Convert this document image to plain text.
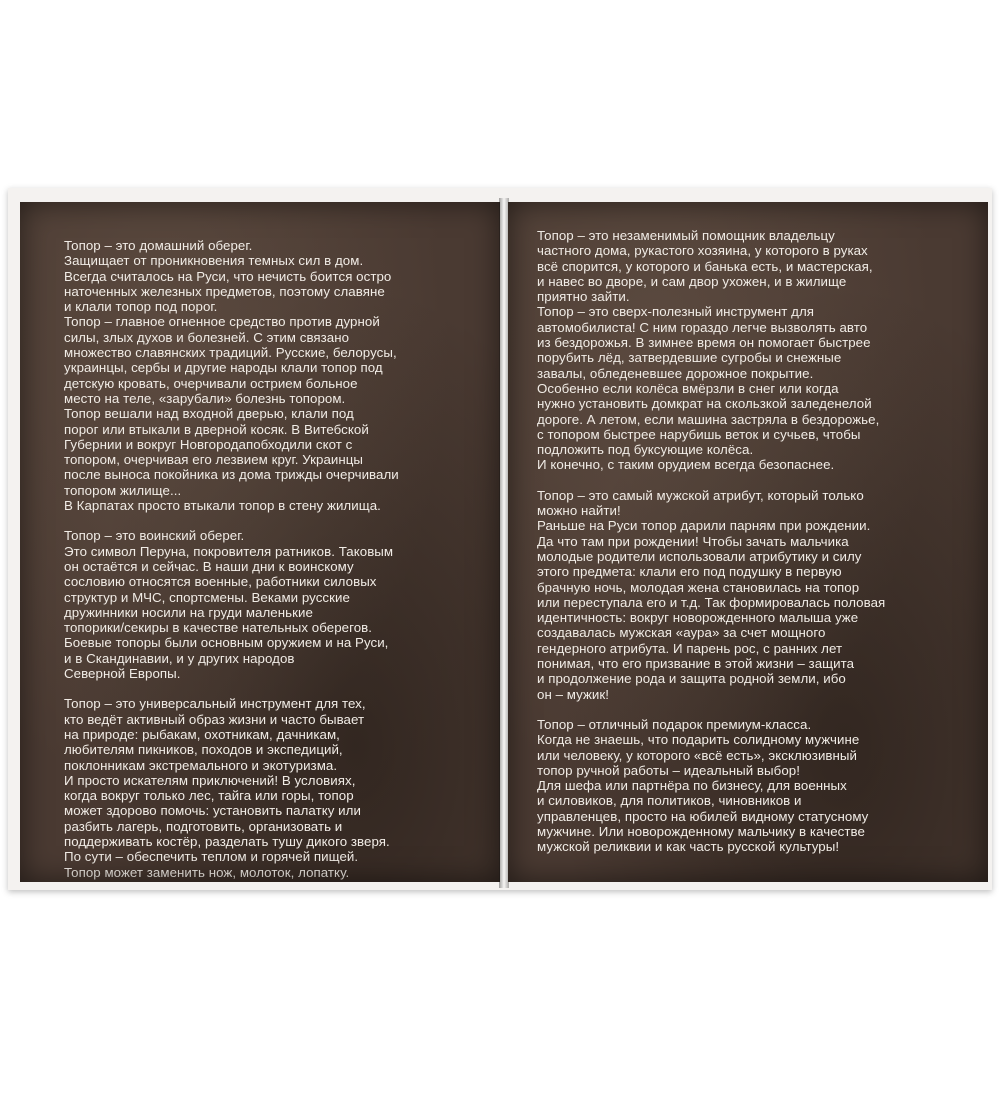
Топор – это домашний оберег.
Защищает от проникновения темных сил в дом.
Всегда считалось на Руси, что нечисть боится остро
наточенных железных предметов, поэтому славяне
и клали топор под порог.
Топор – главное огненное средство против дурной
силы, злых духов и болезней. С этим связано
множество славянских традиций. Русские, белорусы,
украинцы, сербы и другие народы клали топор под
детскую кровать, очерчивали острием больное
место на теле, «зарубали» болезнь топором.
Топор вешали над входной дверью, клали под
порог или втыкали в дверной косяк. В Витебской
Губернии и вокруг Новгородапобходили скот с
топором, очерчивая его лезвием круг. Украинцы
после выноса покойника из дома трижды очерчивали
топором жилище...
В Карпатах просто втыкали топор в стену жилища.
Топор – это воинский оберег.
Это символ Перуна, покровителя ратников. Таковым
он остаётся и сейчас. В наши дни к воинскому
сословию относятся военные, работники силовых
структур и МЧС, спортсмены. Веками русские
дружинники носили на груди маленькие
топорики/секиры в качестве нательных оберегов.
Боевые топоры были основным оружием и на Руси,
и в Скандинавии, и у других народов
Северной Европы.
Топор – это универсальный инструмент для тех,
кто ведёт активный образ жизни и часто бывает
на природе: рыбакам, охотникам, дачникам,
любителям пикников, походов и экспедиций,
поклонникам экстремального и экотуризма.
И просто искателям приключений! В условиях,
когда вокруг только лес, тайга или горы, топор
может здорово помочь: установить палатку или
разбить лагерь, подготовить, организовать и
поддерживать костёр, разделать тушу дикого зверя.
По сути – обеспечить теплом и горячей пищей.
Топор может заменить нож, молоток, лопатку.
Топор – это незаменимый помощник владельцу
частного дома, рукастого хозяина, у которого в руках
всё спорится, у которого и банька есть, и мастерская,
и навес во дворе, и сам двор ухожен, и в жилище
приятно зайти.
Топор – это сверх-полезный инструмент для
автомобилиста! С ним гораздо легче вызволять авто
из бездорожья. В зимнее время он помогает быстрее
порубить лёд, затвердевшие сугробы и снежные
завалы, обледеневшее дорожное покрытие.
Особенно если колёса вмёрзли в снег или когда
нужно установить домкрат на скользкой заледенелой
дороге. А летом, если машина застряла в бездорожье,
с топором быстрее нарубишь веток и сучьев, чтобы
подложить под буксующие колёса.
И конечно, с таким орудием всегда безопаснее.
Топор – это самый мужской атрибут, который только
можно найти!
Раньше на Руси топор дарили парням при рождении.
Да что там при рождении! Чтобы зачать мальчика
молодые родители использовали атрибутику и силу
этого предмета: клали его под подушку в первую
брачную ночь, молодая жена становилась на топор
или переступала его и т.д. Так формировалась половая
идентичность: вокруг новорожденного малыша уже
создавалась мужская «аура» за счет мощного
гендерного атрибута. И парень рос, с ранних лет
понимая, что его призвание в этой жизни – защита
и продолжение рода и защита родной земли, ибо
он – мужик!
Топор – отличный подарок премиум-класса.
Когда не знаешь, что подарить солидному мужчине
или человеку, у которого «всё есть», эксклюзивный
топор ручной работы – идеальный выбор!
Для шефа или партнёра по бизнесу, для военных
и силовиков, для политиков, чиновников и
управленцев, просто на юбилей видному статусному
мужчине. Или новорожденному мальчику в качестве
мужской реликвии и как часть русской культуры!
